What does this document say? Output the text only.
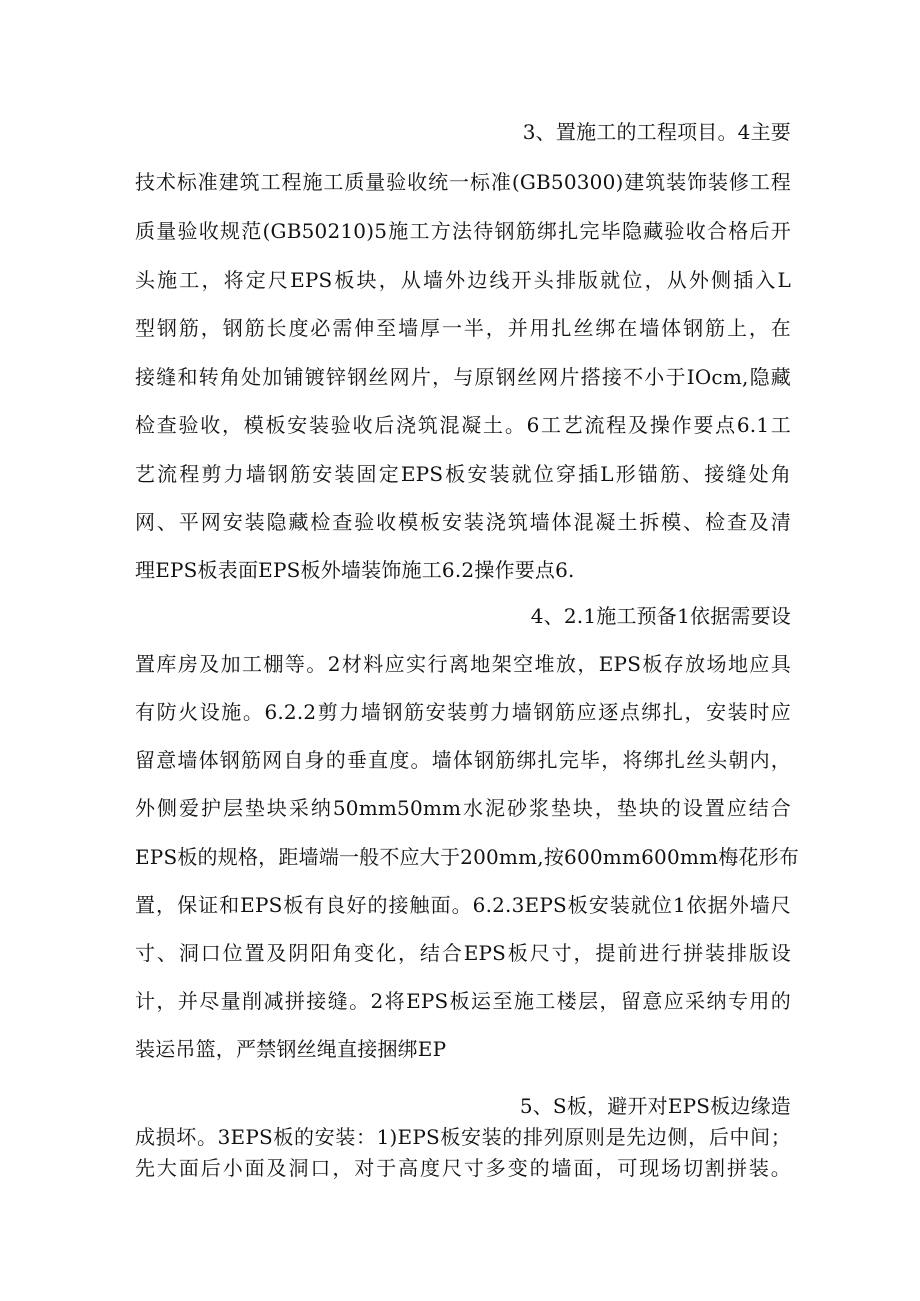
3、置施工的工程项目。4主要
技术标准建筑工程施工质量验收统一标准(GB50300)建筑装饰装修工程
质量验收规范(GB50210)5施工方法待钢筋绑扎完毕隐藏验收合格后开
头施工，将定尺EPS板块，从墙外边线开头排版就位，从外侧插入L
型钢筋，钢筋长度必需伸至墙厚一半，并用扎丝绑在墙体钢筋上，在
接缝和转角处加铺镀锌钢丝网片，与原钢丝网片搭接不小于IOcm,隐藏
检查验收，模板安装验收后浇筑混凝土。6工艺流程及操作要点6.1工
艺流程剪力墙钢筋安装固定EPS板安装就位穿插L形锚筋、接缝处角
网、平网安装隐藏检查验收模板安装浇筑墙体混凝土拆模、检查及清
理EPS板表面EPS板外墙装饰施工6.2操作要点6.
4、2.1施工预备1依据需要设
置库房及加工棚等。2材料应实行离地架空堆放，EPS板存放场地应具
有防火设施。6.2.2剪力墙钢筋安装剪力墙钢筋应逐点绑扎，安装时应
留意墙体钢筋网自身的垂直度。墙体钢筋绑扎完毕，将绑扎丝头朝内，
外侧爱护层垫块采纳50mm50mm水泥砂浆垫块，垫块的设置应结合
EPS板的规格，距墙端一般不应大于200mm,按600mm600mm梅花形布
置，保证和EPS板有良好的接触面。6.2.3EPS板安装就位1依据外墙尺
寸、洞口位置及阴阳角变化，结合EPS板尺寸，提前进行拼装排版设
计，并尽量削减拼接缝。2将EPS板运至施工楼层，留意应采纳专用的
装运吊篮，严禁钢丝绳直接捆绑EP
5、S板，避开对EPS板边缘造
成损坏。3EPS板的安装：1)EPS板安装的排列原则是先边侧，后中间；
先大面后小面及洞口，对于高度尺寸多变的墙面，可现场切割拼装。
